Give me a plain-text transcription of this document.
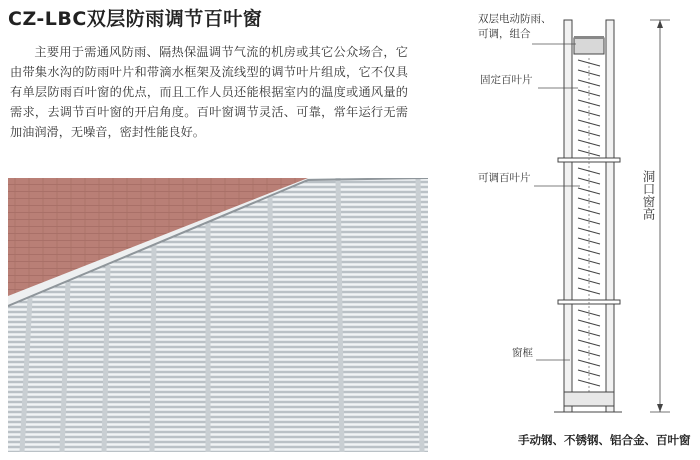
CZ-LBC双层防雨调节百叶窗

主要用于需通风防雨、隔热保温调节气流的机房或其它公众场合，它由带集水沟的防雨叶片和带滴水框架及流线型的调节叶片组成，它不仅具有单层防雨百叶窗的优点，而且工作人员还能根据室内的温度或通风量的需求，去调节百叶窗的开启角度。百叶窗调节灵活、可靠，常年运行无需加油润滑，无噪音，密封性能良好。

双层电动防雨、
可调，组合
固定百叶片
可调百叶片
窗框
洞口窗高
手动钢、不锈钢、铝合金、百叶窗
